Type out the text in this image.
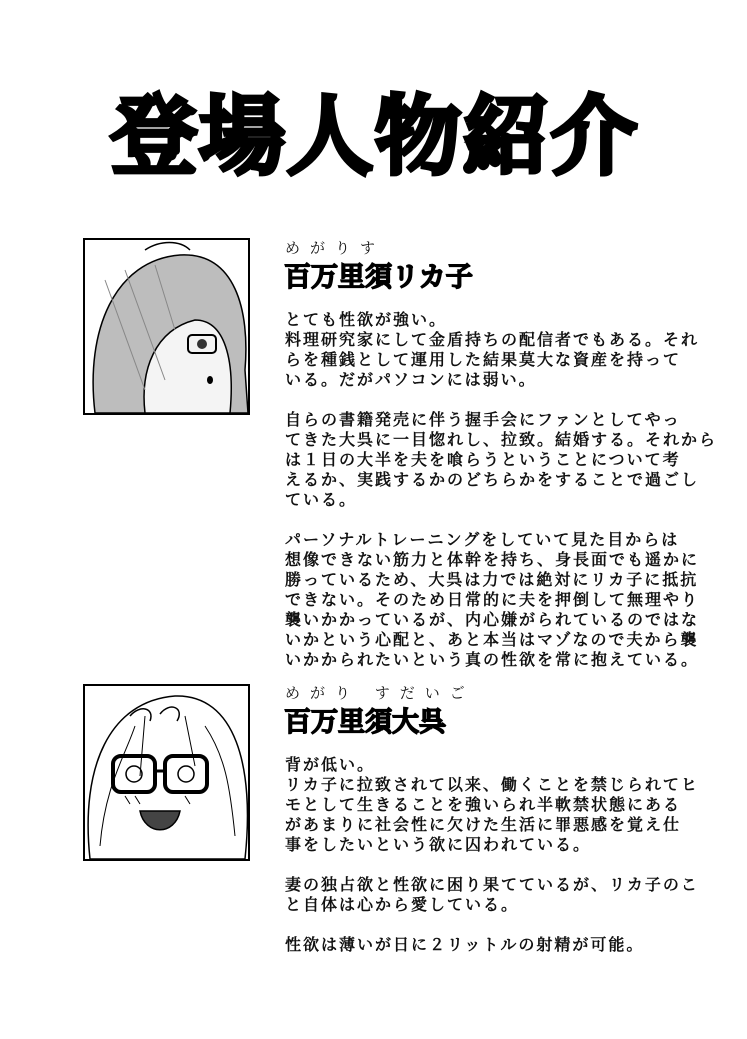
登場人物紹介
めがりす
百万里須リカ子
とても性欲が強い。
料理研究家にして金盾持ちの配信者でもある。それ
らを種銭として運用した結果莫大な資産を持って
いる。だがパソコンには弱い。
自らの書籍発売に伴う握手会にファンとしてやっ
てきた大呉に一目惚れし、拉致。結婚する。それから
は１日の大半を夫を喰らうということについて考
えるか、実践するかのどちらかをすることで過ごし
ている。
パーソナルトレーニングをしていて見た目からは
想像できない筋力と体幹を持ち、身長面でも遥かに
勝っているため、大呉は力では絶対にリカ子に抵抗
できない。そのため日常的に夫を押倒して無理やり
襲いかかっているが、内心嫌がられているのではな
いかという心配と、あと本当はマゾなので夫から襲
いかかられたいという真の性欲を常に抱えている。
めがり すだいご
百万里須大呉
背が低い。
リカ子に拉致されて以来、働くことを禁じられてヒ
モとして生きることを強いられ半軟禁状態にある
があまりに社会性に欠けた生活に罪悪感を覚え仕
事をしたいという欲に囚われている。
妻の独占欲と性欲に困り果てているが、リカ子のこ
と自体は心から愛している。
性欲は薄いが日に２リットルの射精が可能。
